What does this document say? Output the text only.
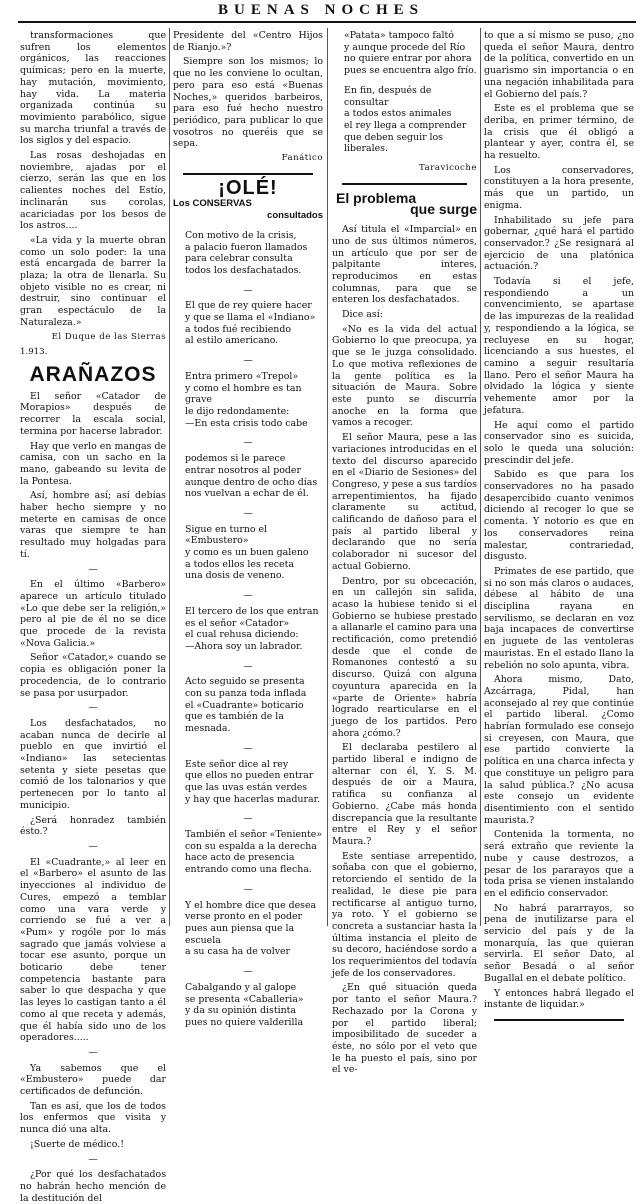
BUENAS NOCHES

transformaciones que sufren los elementos orgánicos, las reacciones químicas; pero en la muerte, hay mutación, movimiento, hay vida. La materia organizada continúa su movimiento parabólico, sigue su marcha triunfal a través de los siglos y del espacio.

Las rosas deshojadas en noviembre, ajadas por el cierzo, serán las que en los calientes noches del Estío, inclinarán sus corolas, acariciadas por los besos de los astros....

«La vida y la muerte obran como un solo poder: la una está encargada de barrer la plaza; la otra de llenarla. Su objeto visible no es crear, ni destruir, sino continuar el gran espectáculo de la Naturaleza.»

El Duque de las Sierras
1.913.
ARAÑAZOS

El señor «Catador de Morapios» después de recorrer la escala social, termina por hacerse labrador.

Hay que verlo en mangas de camisa, con un sacho en la mano, gabeando su levita de la Pontesa.

Así, hombre así; así debías haber hecho siempre y no meterte en camisas de once varas que siempre te han resultado muy holgadas para tí.

—

En el último «Barbero» aparece un artículo titulado «Lo que debe ser la religión,» pero al pie de él no se dice que procede de la revista «Nova Galicia.»

Señor «Catador,» cuando se copia es obligación poner la procedencia, de lo contrario se pasa por usurpador.

—

Los desfachatados, no acaban nunca de decirle al pueblo en que invirtió el «Indiano» las setecientas setenta y siete pesetas que comió de los talonarios y que pertenecen por lo tanto al municipio.

¿Será honradez también ésto.?

—

El «Cuadrante,» al leer en el «Barbero» el asunto de las inyecciones al individuo de Cures, empezó a temblar como una vara verde y corriendo se fué a ver a «Pum» y rogóle por lo más sagrado que jamás volviese a tocar ese asunto, porque un boticario debe tener competencia bastante para saber lo que despacha y que las leyes lo castigan tanto a él como al que receta y además, que él había sido uno de los operadores.....

—

Ya sabemos que el «Embustero» puede dar certificados de defunción.

Tan es así, que los de todos los enfermos que visita y nunca dió una alta.

¡Suerte de médico.!

—

¿Por qué los desfachatados no habrán hecho mención de la destitución del

Presidente del «Centro Hijos de Rianjo.»?

Siempre son los mismos; lo que no les conviene lo ocultan, pero para eso está «Buenas Noches,» queridos barbeiros, para eso fué hecho nuestro periódico, para publicar lo que vosotros no queréis que se sepa.

Fanático
¡OLÉ!
Los CONSERVAS
consultados

Con motivo de la crisis,

a palacio fueron llamados

para celebrar consulta

todos los desfachatados.

—

El que de rey quiere hacer

y que se llama el «Indiano»

a todos fué recibiendo

al estilo americano.

—

Entra primero «Trepol»

y como el hombre es tan grave

le dijo redondamente:

—En esta crisis todo cabe

—

podemos si le parece

entrar nosotros al poder

aunque dentro de ocho días

nos vuelvan a echar de él.

—

Sigue en turno el «Embustero»

y como es un buen galeno

a todos ellos les receta

una dosis de veneno.

—

El tercero de los que entran

es el señor «Catador»

el cual rehusa diciendo:

—Ahora soy un labrador.

—

Acto seguido se presenta

con su panza toda inflada

el «Cuadrante» boticario

que es también de la mesnada.

—

Este señor dice al rey

que ellos no pueden entrar

que las uvas están verdes

y hay que hacerlas madurar.

—

También el señor «Teniente»

con su espalda a la derecha

hace acto de presencia

entrando como una flecha.

—

Y el hombre dice que desea

verse pronto en el poder

pues aun piensa que la escuela

a su casa ha de volver

—

Cabalgando y al galope

se presenta «Caballeria»

y da su opinión distinta

pues no quiere valderilla

«Patata» tampoco faltó

y aunque procede del Río

no quiere entrar por ahora

pues se encuentra algo frío.

En fin, después de consultar

a todos estos animales

el rey llega a comprender

que deben seguir los liberales.

Taravicoche
El problema
que surge

Así titula el «Imparcial» en uno de sus últimos números, un artículo que por ser de palpitante interes, reproducimos en estas columnas, para que se enteren los desfachatados.

Dice así:

«No es la vida del actual Gobierno lo que preocupa, ya que se le juzga consolidado. Lo que motiva reflexiones de la gente política es la situación de Maura. Sobre este punto se discurría anoche en la forma que vamos a recoger.

El señor Maura, pese a las variaciones introducidas en el texto del discurso aparecido en el «Diario de Sesiones» del Congreso, y pese a sus tardíos arrepentimientos, ha fijado claramente su actitud, calificando de dañoso para el país al partido liberal y declarando que no sería colaborador ni sucesor del actual Gobierno.

Dentro, por su obcecación, en un callejón sin salida, acaso la hubiese tenido si el Gobierno se hubiese prestado a allanarle el camino para una rectificación, como pretendió desde que el conde de Romanones contestó a su discurso. Quizá con alguna coyuntura aparecida en la «parte de Oriente» habría logrado rearticularse en el juego de los partidos. Pero ahora ¿cómo.?

El declaraba pestilero al partido liberal e indigno de alternar con él, Y. S. M. después de oir a Maura, ratifica su confianza al Gobierno. ¿Cabe más honda discrepancia que la resultante entre el Rey y el señor Maura.?

Este sentiase arrepentido, soñaba con que el gobierno, retorciendo el sentido de la realidad, le diese pie para rectificarse al antiguo turno, ya roto. Y el gobierno se concreta a sustanciar hasta la última instancia el pleito de su decoro, haciéndose sordo a los requerimientos del todavía jefe de los conservadores.

¿En qué situación queda por tanto el señor Maura.? Rechazado por la Corona y por el partido liberal; imposibilitado de suceder a éste, no sólo por el veto que le ha puesto el país, sino por el ve-

to que a sí mismo se puso, ¿no queda el señor Maura, dentro de la política, convertido en un guarismo sin importancia o en una negación inhabilitada para el Gobierno del país.?

Este es el problema que se deriba, en primer término, de la crisis que él obligó a plantear y ayer, contra él, se ha resuelto.

Los conservadores, constituyen a la hora presente, más que un partido, un enigma.

Inhabilitado su jefe para gobernar, ¿qué hará el partido conservador.? ¿Se resignará al ejercicio de una platónica actuación.?

Todavía si el jefe, respondiendo a un convencimiento, se apartase de las impurezas de la realidad y, respondiendo a la lógica, se recluyese en su hogar, licenciando a sus huestes, el camino a seguir resultaría llano. Pero el señor Maura ha olvidado la lógica y siente vehemente amor por la jefatura.

He aquí como el partido conservador sino es suicida, solo le queda una solución: prescindir del jefe.

Sabido es que para los conservadores no ha pasado desapercibido cuanto venimos diciendo al recoger lo que se comenta. Y notorio es que en los conservadores reina malestar, contrariedad, disgusto.

Primates de ese partido, que si no son más claros o audaces, débese al hábito de una disciplina rayana en servilismo, se declaran en voz baja incapaces de convertirse en juguete de las ventoleras mauristas. En el estado llano la rebelión no solo apunta, vibra.

Ahora mismo, Dato, Azcárraga, Pidal, han aconsejado al rey que continúe el partido liberal. ¿Como habrían formulado ese consejo si creyesen, con Maura, que ese partido convierte la política en una charca infecta y que constituye un peligro para la salud pública.? ¿No acusa este consejo un evidente disentimiento con el sentido maurista.?

Contenida la tormenta, no será extraño que reviente la nube y cause destrozos, a pesar de los pararayos que a toda prisa se vienen instalando en el edificio conservador.

No habrá pararrayos, so pena de inutilizarse para el servicio del país y de la monarquía, las que quieran servirla. El señor Dato, al señor Besadá o al señor Bugallal en el debate político.

Y entonces habrá llegado el instante de liquidar.»
